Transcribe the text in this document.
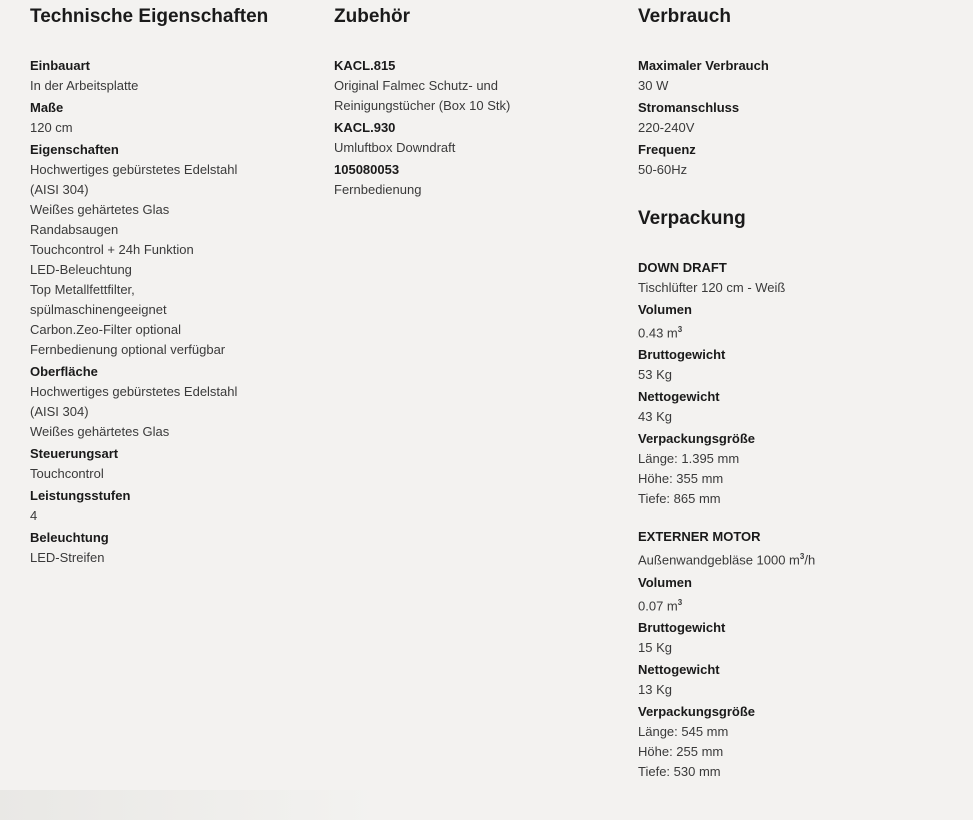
Technische Eigenschaften
Einbauart
In der Arbeitsplatte
Maße
120 cm
Eigenschaften
Hochwertiges gebürstetes Edelstahl
(AISI 304)
Weißes gehärtetes Glas
Randabsaugen
Touchcontrol + 24h Funktion
LED-Beleuchtung
Top Metallfettfilter,
spülmaschinengeeignet
Carbon.Zeo-Filter optional
Fernbedienung optional verfügbar
Oberfläche
Hochwertiges gebürstetes Edelstahl
(AISI 304)
Weißes gehärtetes Glas
Steuerungsart
Touchcontrol
Leistungsstufen
4
Beleuchtung
LED-Streifen
Zubehör
KACL.815
Original Falmec Schutz- und
Reinigungstücher (Box 10 Stk)
KACL.930
Umluftbox Downdraft
105080053
Fernbedienung
Verbrauch
Maximaler Verbrauch
30 W
Stromanschluss
220-240V
Frequenz
50-60Hz
Verpackung
DOWN DRAFT
Tischlüfter 120 cm - Weiß
Volumen
0.43 $m^3$
Bruttogewicht
53 Kg
Nettogewicht
43 Kg
Verpackungsgröße
Länge: 1.395 mm
Höhe: 355 mm
Tiefe: 865 mm
EXTERNER MOTOR
Außenwandgebläse 1000 $m^3/h$
Volumen
0.07 $m^3$
Bruttogewicht
15 Kg
Nettogewicht
13 Kg
Verpackungsgröße
Länge: 545 mm
Höhe: 255 mm
Tiefe: 530 mm
